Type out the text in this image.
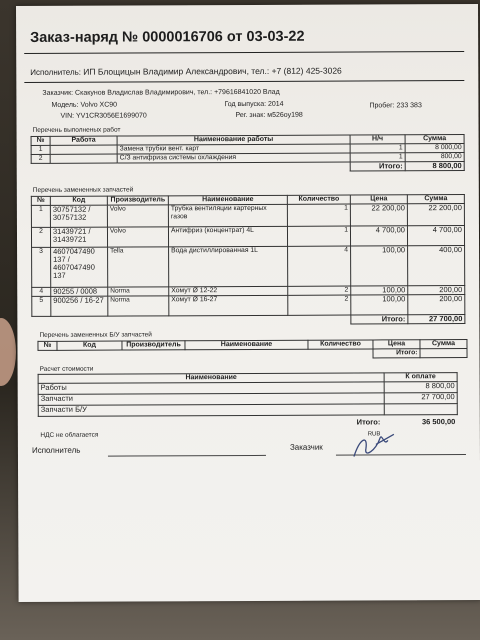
Заказ-наряд № 0000016706 от 03-03-22
Исполнитель: ИП Блощицын Владимир Александрович, тел.: +7 (812) 425-3026
Заказчик: Скакунов Владислав Владимирович, тел.: +79616841020 Влад
Модель: Volvo XC90	Год выпуска: 2014	Пробег: 233 383
VIN: YV1CR3056E1699070	Рег. знак: м526оу198
Перечень выполненых работ
№	Работа	Наименование работы	Н/ч	Сумма
1		Замена трубки вент. карт	1	8 000,00
2		С/З антифриза системы охлаждения	1	800,00
			Итого:	8 800,00
Перечень замененных запчастей
№	Код	Производитель	Наименование	Количество	Цена	Сумма
1	30757132 / 30757132	Volvo	Трубка вентиляции картерных газов	1	22 200,00	22 200,00
2	31439721 / 31439721	Volvo	Антифриз (концентрат) 4L	1	4 700,00	4 700,00
3	4607047490 137 / 4607047490 137	Tella	Вода дистиллированная 1L	4	100,00	400,00
4	90255 / 0008	Norma	Хомут Ø 12-22	2	100,00	200,00
5	900256 / 16-27	Norma	Хомут Ø 16-27	2	100,00	200,00
					Итого:	27 700,00
Перечень замененных Б/У запчастей
№	Код	Производитель	Наименование	Количество	Цена	Сумма
					Итого:	
Расчет стоимости
Наименование	К оплате
Работы	8 800,00
Запчасти	27 700,00
Запчасти Б/У	

НДС не облагается
Итого:
RUB	36 500,00
Исполнитель	Заказчик
